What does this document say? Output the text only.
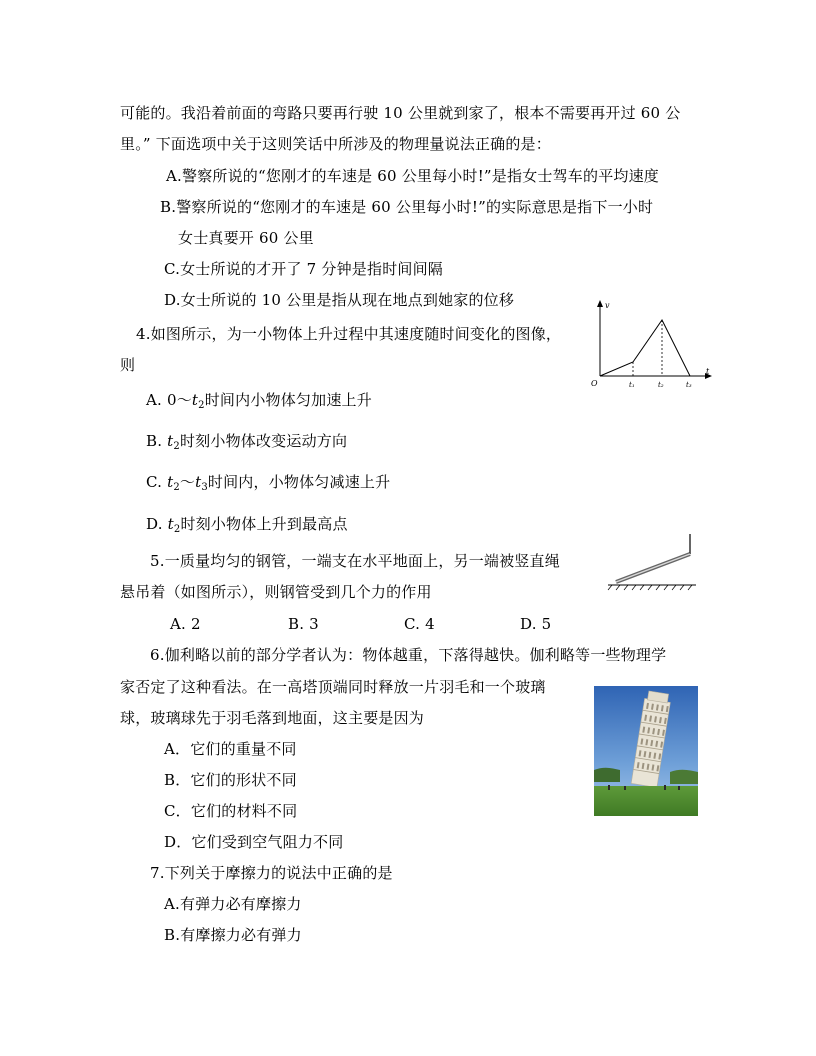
可能的。我沿着前面的弯路只要再行驶 10 公里就到家了，根本不需要再开过 60 公
里。” 下面选项中关于这则笑话中所涉及的物理量说法正确的是：
A.警察所说的“您刚才的车速是 60 公里每小时!”是指女士驾车的平均速度
B.警察所说的“您刚才的车速是 60 公里每小时!”的实际意思是指下一小时
女士真要开 60 公里
C.女士所说的才开了 7 分钟是指时间间隔
D.女士所说的 10 公里是指从现在地点到她家的位移
4.如图所示，为一小物体上升过程中其速度随时间变化的图像，
则
A. $0\sim t_2$时间内小物体匀加速上升
B. $t_2$时刻小物体改变运动方向
C. $t_2\sim t_3$时间内，小物体匀减速上升
D. $t_2$时刻小物体上升到最高点
v
t
O	t₁	t₂	t₃
5.一质量均匀的钢管，一端支在水平地面上，另一端被竖直绳
悬吊着（如图所示），则钢管受到几个力的作用
A. 2	B. 3	C. 4	D. 5
6.伽利略以前的部分学者认为：物体越重，下落得越快。伽利略等一些物理学
家否定了这种看法。在一高塔顶端同时释放一片羽毛和一个玻璃
球，玻璃球先于羽毛落到地面，这主要是因为
A．它们的重量不同
B．它们的形状不同
C．它们的材料不同
D．它们受到空气阻力不同
7.下列关于摩擦力的说法中正确的是
A.有弹力必有摩擦力
B.有摩擦力必有弹力
